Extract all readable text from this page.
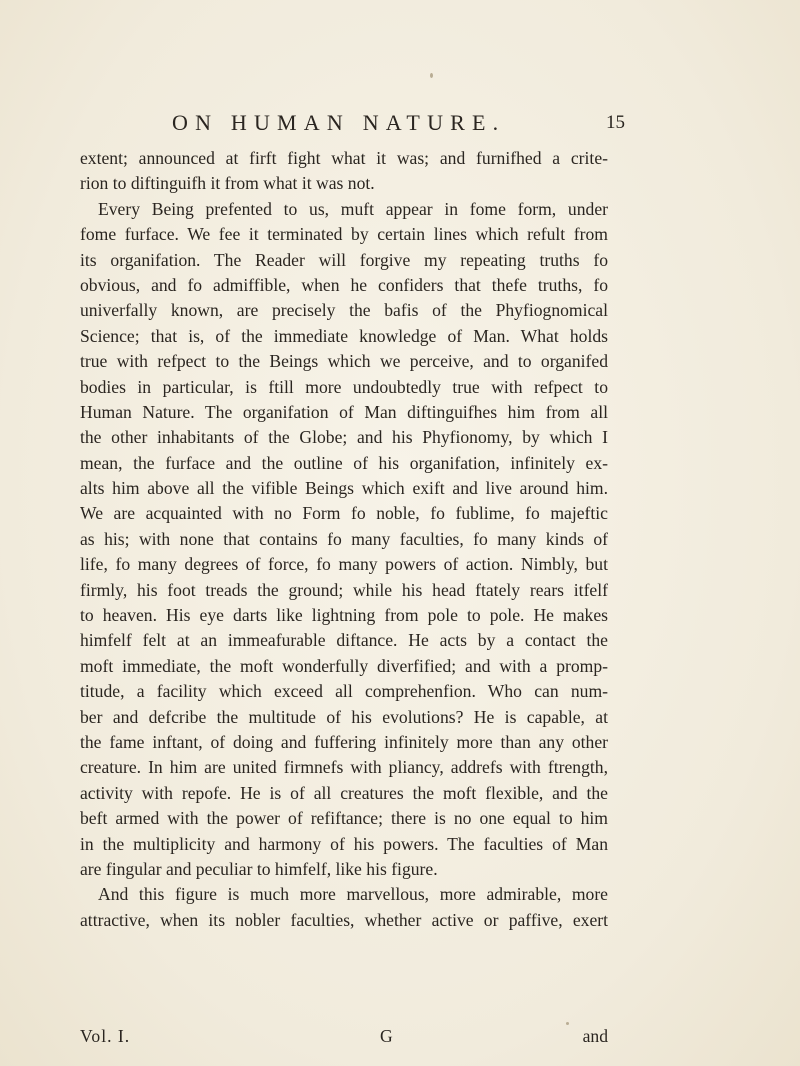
ON HUMAN NATURE.	15
extent; announced at firft fight what it was; and furnifhed a crite-
rion to diftinguifh it from what it was not.
Every Being prefented to us, muft appear in fome form, under
fome furface. We fee it terminated by certain lines which refult from
its organifation. The Reader will forgive my repeating truths fo
obvious, and fo admiffible, when he confiders that thefe truths, fo
univerfally known, are precisely the bafis of the Phyfiognomical
Science; that is, of the immediate knowledge of Man. What holds
true with refpect to the Beings which we perceive, and to organifed
bodies in particular, is ftill more undoubtedly true with refpect to
Human Nature. The organifation of Man diftinguifhes him from all
the other inhabitants of the Globe; and his Phyfionomy, by which I
mean, the furface and the outline of his organifation, infinitely ex-
alts him above all the vifible Beings which exift and live around him.
We are acquainted with no Form fo noble, fo fublime, fo majeftic
as his; with none that contains fo many faculties, fo many kinds of
life, fo many degrees of force, fo many powers of action. Nimbly, but
firmly, his foot treads the ground; while his head ftately rears itfelf
to heaven. His eye darts like lightning from pole to pole. He makes
himfelf felt at an immeafurable diftance. He acts by a contact the
moft immediate, the moft wonderfully diverfified; and with a promp-
titude, a facility which exceed all comprehenfion. Who can num-
ber and defcribe the multitude of his evolutions? He is capable, at
the fame inftant, of doing and fuffering infinitely more than any other
creature. In him are united firmnefs with pliancy, addrefs with ftrength,
activity with repofe. He is of all creatures the moft flexible, and the
beft armed with the power of refiftance; there is no one equal to him
in the multiplicity and harmony of his powers. The faculties of Man
are fingular and peculiar to himfelf, like his figure.
And this figure is much more marvellous, more admirable, more
attractive, when its nobler faculties, whether active or paffive, exert
Vol. I.	G	and
